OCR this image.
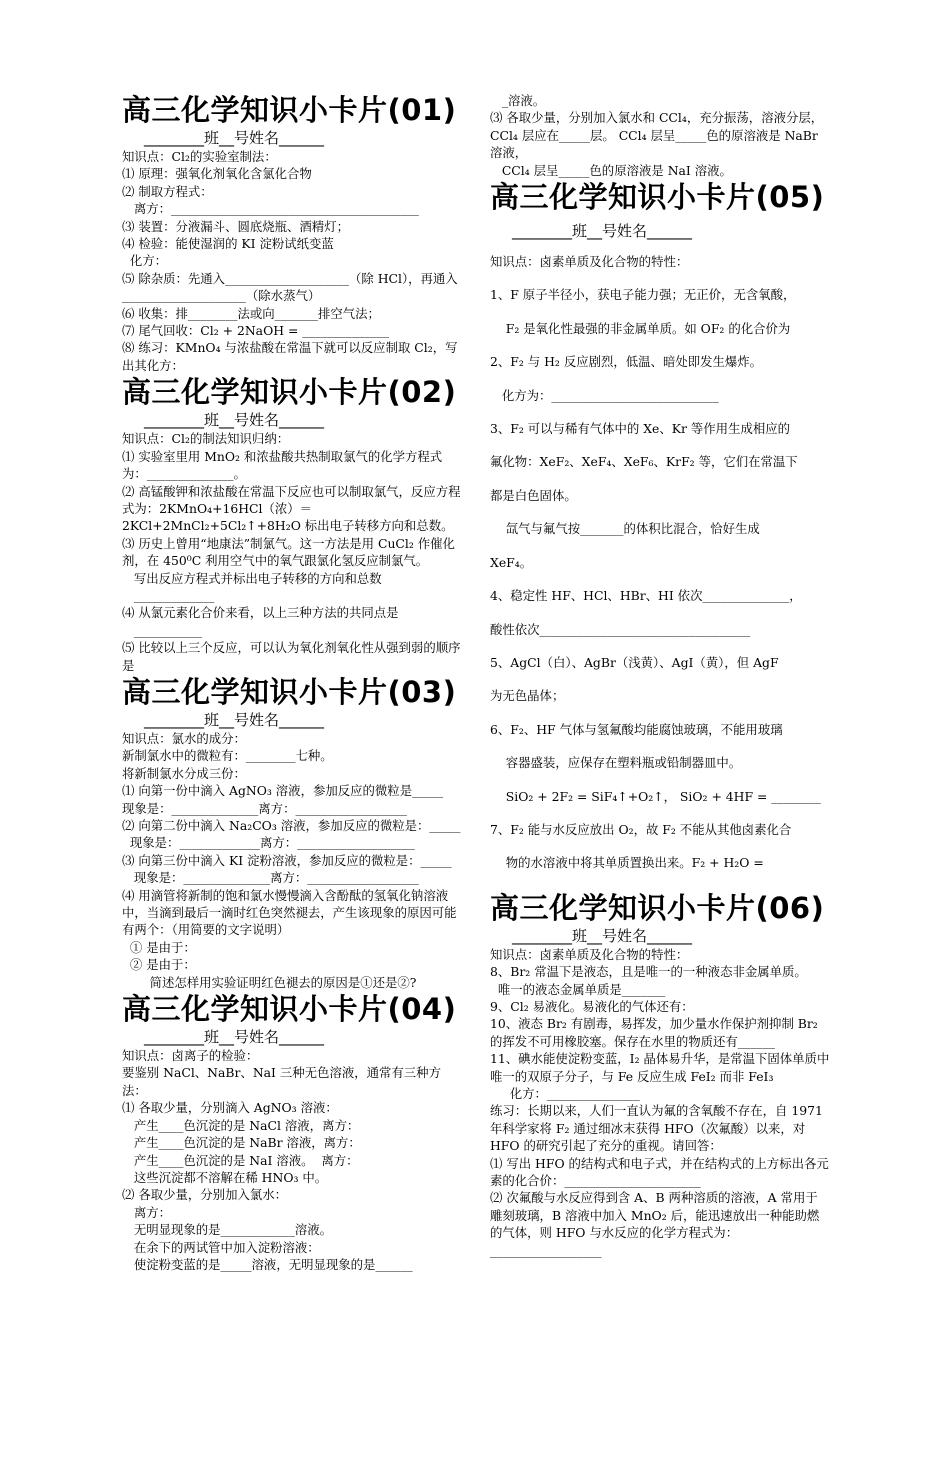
高三化学知识小卡片(01)

________班__号姓名______

知识点：Cl₂的实验室制法：

⑴ 原理：强氧化剂氧化含氯化合物

⑵ 制取方程式：

离方：________________________________________

⑶ 装置：分液漏斗、圆底烧瓶、酒精灯；

⑷ 检验：能使湿润的 KI 淀粉试纸变蓝

化方：

⑸ 除杂质：先通入____________________（除 HCl），再通入____________________（除水蒸气）

⑹ 收集：排________法或向_______排空气法；

⑺ 尾气回收：Cl₂ + 2NaOH = ______________

⑻ 练习：KMnO₄ 与浓盐酸在常温下就可以反应制取 Cl₂，写出其化方：

高三化学知识小卡片(02)

________班__号姓名______

知识点：Cl₂的制法知识归纳：

⑴ 实验室里用 MnO₂ 和浓盐酸共热制取氯气的化学方程式为：______________。

⑵ 高锰酸钾和浓盐酸在常温下反应也可以制取氯气，反应方程式为：2KMnO₄+16HCl（浓）＝2KCl+2MnCl₂+5Cl₂↑+8H₂O 标出电子转移方向和总数。

⑶ 历史上曾用“地康法”制氯气。这一方法是用 CuCl₂ 作催化剂，在 450⁰C 利用空气中的氧气跟氯化氢反应制氯气。

写出反应方程式并标出电子转移的方向和总数

_____________

⑷ 从氯元素化合价来看，以上三种方法的共同点是

___________

⑸ 比较以上三个反应，可以认为氧化剂氧化性从强到弱的顺序是

高三化学知识小卡片(03)

________班__号姓名______

知识点：氯水的成分：

新制氯水中的微粒有：________七种。

将新制氯水分成三份：

⑴ 向第一份中滴入 AgNO₃ 溶液，参加反应的微粒是_____

现象是：______________离方：__________________

⑵ 向第二份中滴入 Na₂CO₃ 溶液，参加反应的微粒是：_____

现象是：_____________离方：___________________

⑶ 向第三份中滴入 KI 淀粉溶液，参加反应的微粒是：_____

现象是：______________离方：__________________

⑷ 用滴管将新制的饱和氯水慢慢滴入含酚酞的氢氧化钠溶液中，当滴到最后一滴时红色突然褪去，产生该现象的原因可能有两个：（用简要的文字说明）

① 是由于：

② 是由于：

简述怎样用实验证明红色褪去的原因是①还是②?

高三化学知识小卡片(04)

________班__号姓名______

知识点：卤离子的检验：

要鉴别 NaCl、NaBr、NaI 三种无色溶液，通常有三种方法：

⑴ 各取少量，分别滴入 AgNO₃ 溶液：

产生____色沉淀的是 NaCl 溶液，离方：

产生____色沉淀的是 NaBr 溶液，离方：

产生____色沉淀的是 NaI 溶液。  离方：

这些沉淀都不溶解在稀 HNO₃ 中。

⑵ 各取少量，分别加入氯水：

离方：

无明显现象的是____________溶液。

在余下的两试管中加入淀粉溶液：

使淀粉变蓝的是_____溶液，无明显现象的是______

_溶液。

⑶ 各取少量，分别加入氯水和 CCl₄，充分振荡，溶液分层，CCl₄ 层应在_____层。 CCl₄ 层呈_____色的原溶液是 NaBr 溶液，

CCl₄ 层呈_____色的原溶液是 NaI 溶液。

高三化学知识小卡片(05)

________班__号姓名______

知识点：卤素单质及化合物的特性：

1、F 原子半径小，获电子能力强；无正价，无含氧酸，

F₂ 是氧化性最强的非金属单质。如 OF₂ 的化合价为

2、F₂ 与 H₂ 反应剧烈，低温、暗处即发生爆炸。

化方为：___________________________

3、F₂ 可以与稀有气体中的 Xe、Kr 等作用生成相应的

氟化物：XeF₂、XeF₄、XeF₆、KrF₂ 等，它们在常温下

都是白色固体。

氙气与氟气按_______的体积比混合，恰好生成

XeF₄。

4、稳定性 HF、HCl、HBr、HI 依次______________，

酸性依次__________________________________

5、AgCl（白）、AgBr（浅黄）、AgI（黄），但 AgF

为无色晶体；

6、F₂、HF 气体与氢氟酸均能腐蚀玻璃，不能用玻璃

容器盛装，应保存在塑料瓶或铅制器皿中。

SiO₂ + 2F₂ = SiF₄↑+O₂↑， SiO₂ + 4HF = ________

7、F₂ 能与水反应放出 O₂，故 F₂ 不能从其他卤素化合

物的水溶液中将其单质置换出来。F₂ + H₂O =

高三化学知识小卡片(06)

________班__号姓名______

知识点：卤素单质及化合物的特性：

8、Br₂ 常温下是液态，且是唯一的一种液态非金属单质。

唯一的液态金属单质是_______

9、Cl₂ 易液化。易液化的气体还有：

10、液态 Br₂ 有剧毒，易挥发，加少量水作保护剂抑制 Br₂ 的挥发不可用橡胶塞。保存在水里的物质还有______

11、碘水能使淀粉变蓝，I₂ 晶体易升华，是常温下固体单质中唯一的双原子分子，与 Fe 反应生成 FeI₂ 而非 FeI₃

化方：_______________

练习：长期以来，人们一直认为氟的含氧酸不存在，自 1971 年科学家将 F₂ 通过细冰末获得 HFO（次氟酸）以来，对 HFO 的研究引起了充分的重视。请回答：

⑴ 写出 HFO 的结构式和电子式，并在结构式的上方标出各元素的化合价：______________________

⑵ 次氟酸与水反应得到含 A、B 两种溶质的溶液，A 常用于雕刻玻璃，B 溶液中加入 MnO₂ 后，能迅速放出一种能助燃的气体，则 HFO 与水反应的化学方程式为：__________________
